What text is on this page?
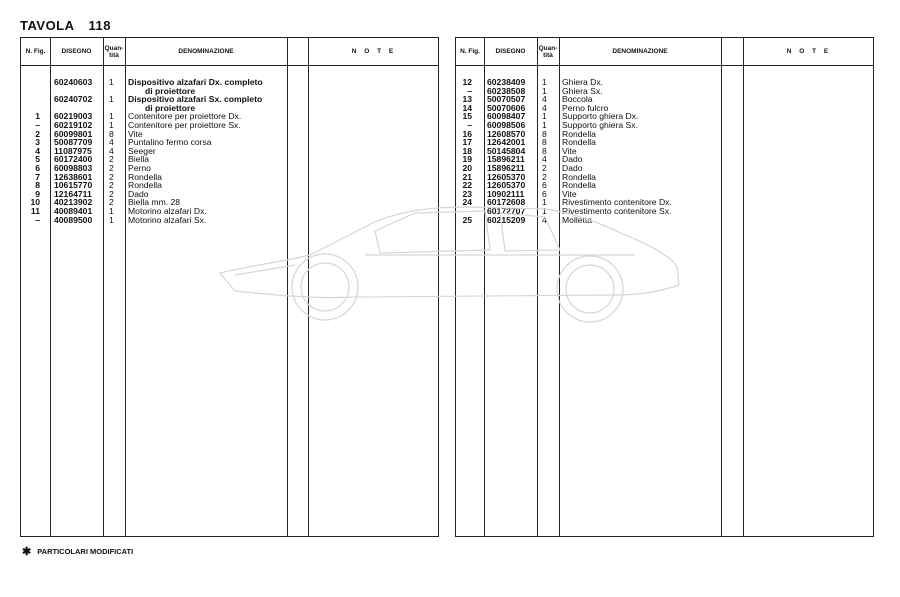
TAVOLA 118
N. Fig.	DISEGNO	Quan- tità	DENOMINAZIONE	N O T E
60240603 1 Dispositivo alzafari Dx. completo
di proiettore
60240702 1 Dispositivo alzafari Sx. completo
di proiettore
1 60219003 1 Contenitore per proiettore Dx.
– 60219102 1 Contenitore per proiettore Sx.
2 60099801 8 Vite
3 50087709 4 Puntalino fermo corsa
4 11087975 4 Seeger
5 60172400 2 Biella
6 60098803 2 Perno
7 12638601 2 Rondella
8 10615770 2 Rondella
9 12164711 2 Dado
10 40213902 2 Biella mm. 28
11 40089401 1 Motorino alzafari Dx.
– 40089500 1 Motorino alzafari Sx.
N. Fig.	DISEGNO	Quan- tità	DENOMINAZIONE	N O T E
12 60238409 1 Ghiera Dx.
– 60238508 1 Ghiera Sx.
13 50070507 4 Boccola
14 50070606 4 Perno fulcro
15 60098407 1 Supporto ghiera Dx.
– 60098506 1 Supporto ghiera Sx.
16 12608570 8 Rondella
17 12642001 8 Rondella
18 50145804 8 Vite
19 15896211 4 Dado
20 15896211 2 Dado
21 12605370 2 Rondella
22 12605370 6 Rondella
23 10902111 6 Vite
24 60172608 1 Rivestimento contenitore Dx.
– 60172707 1 Rivestimento contenitore Sx.
25 60215209 4 Molletta
✱ PARTICOLARI MODIFICATI
